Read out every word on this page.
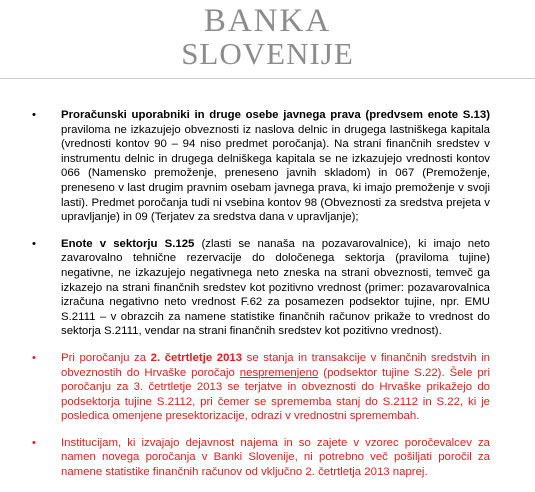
BANKA
SLOVENIJE
• Proračunski uporabniki in druge osebe javnega prava (predvsem enote S.13) praviloma ne izkazujejo obveznosti iz naslova delnic in drugega lastniškega kapitala (vrednosti kontov 90 – 94 niso predmet poročanja). Na strani finančnih sredstev v instrumentu delnic in drugega delniškega kapitala se ne izkazujejo vrednosti kontov 066 (Namensko premoženje, preneseno javnih skladom) in 067 (Premoženje, preneseno v last drugim pravnim osebam javnega prava, ki imajo premoženje v svoji lasti). Predmet poročanja tudi ni vsebina kontov 98 (Obveznosti za sredstva prejeta v upravljanje) in 09 (Terjatev za sredstva dana v upravljanje);
• Enote v sektorju S.125 (zlasti se nanaša na pozavarovalnice), ki imajo neto zavarovalno tehnične rezervacije do določenega sektorja (praviloma tujine) negativne, ne izkazujejo negativnega neto zneska na strani obveznosti, temveč ga izkazejo na strani finančnih sredstev kot pozitivno vrednost (primer: pozavarovalnica izračuna negativno neto vrednost F.62 za posamezen podsektor tujine, npr. EMU S.2111 – v obrazcih za namene statistike finančnih računov prikaže to vrednost do sektorja S.2111, vendar na strani finančnih sredstev kot pozitivno vrednost).
• Pri poročanju za 2. četrtletje 2013 se stanja in transakcije v finančnih sredstvih in obveznostih do Hrvaške poročajo nespremenjeno (podsektor tujine S.22). Šele pri poročanju za 3. četrtletje 2013 se terjatve in obveznosti do Hrvaške prikažejo do podsektorja tujine S.2112, pri čemer se sprememba stanj do S.2112 in S.22, ki je posledica omenjene presektorizacije, odrazi v vrednostni spremembah.
• Institucijam, ki izvajajo dejavnost najema in so zajete v vzorec poročevalcev za namen novega poročanja v Banki Slovenije, ni potrebno več pošiljati poročil za namene statistike finančnih računov od vključno 2. četrtletja 2013 naprej.
